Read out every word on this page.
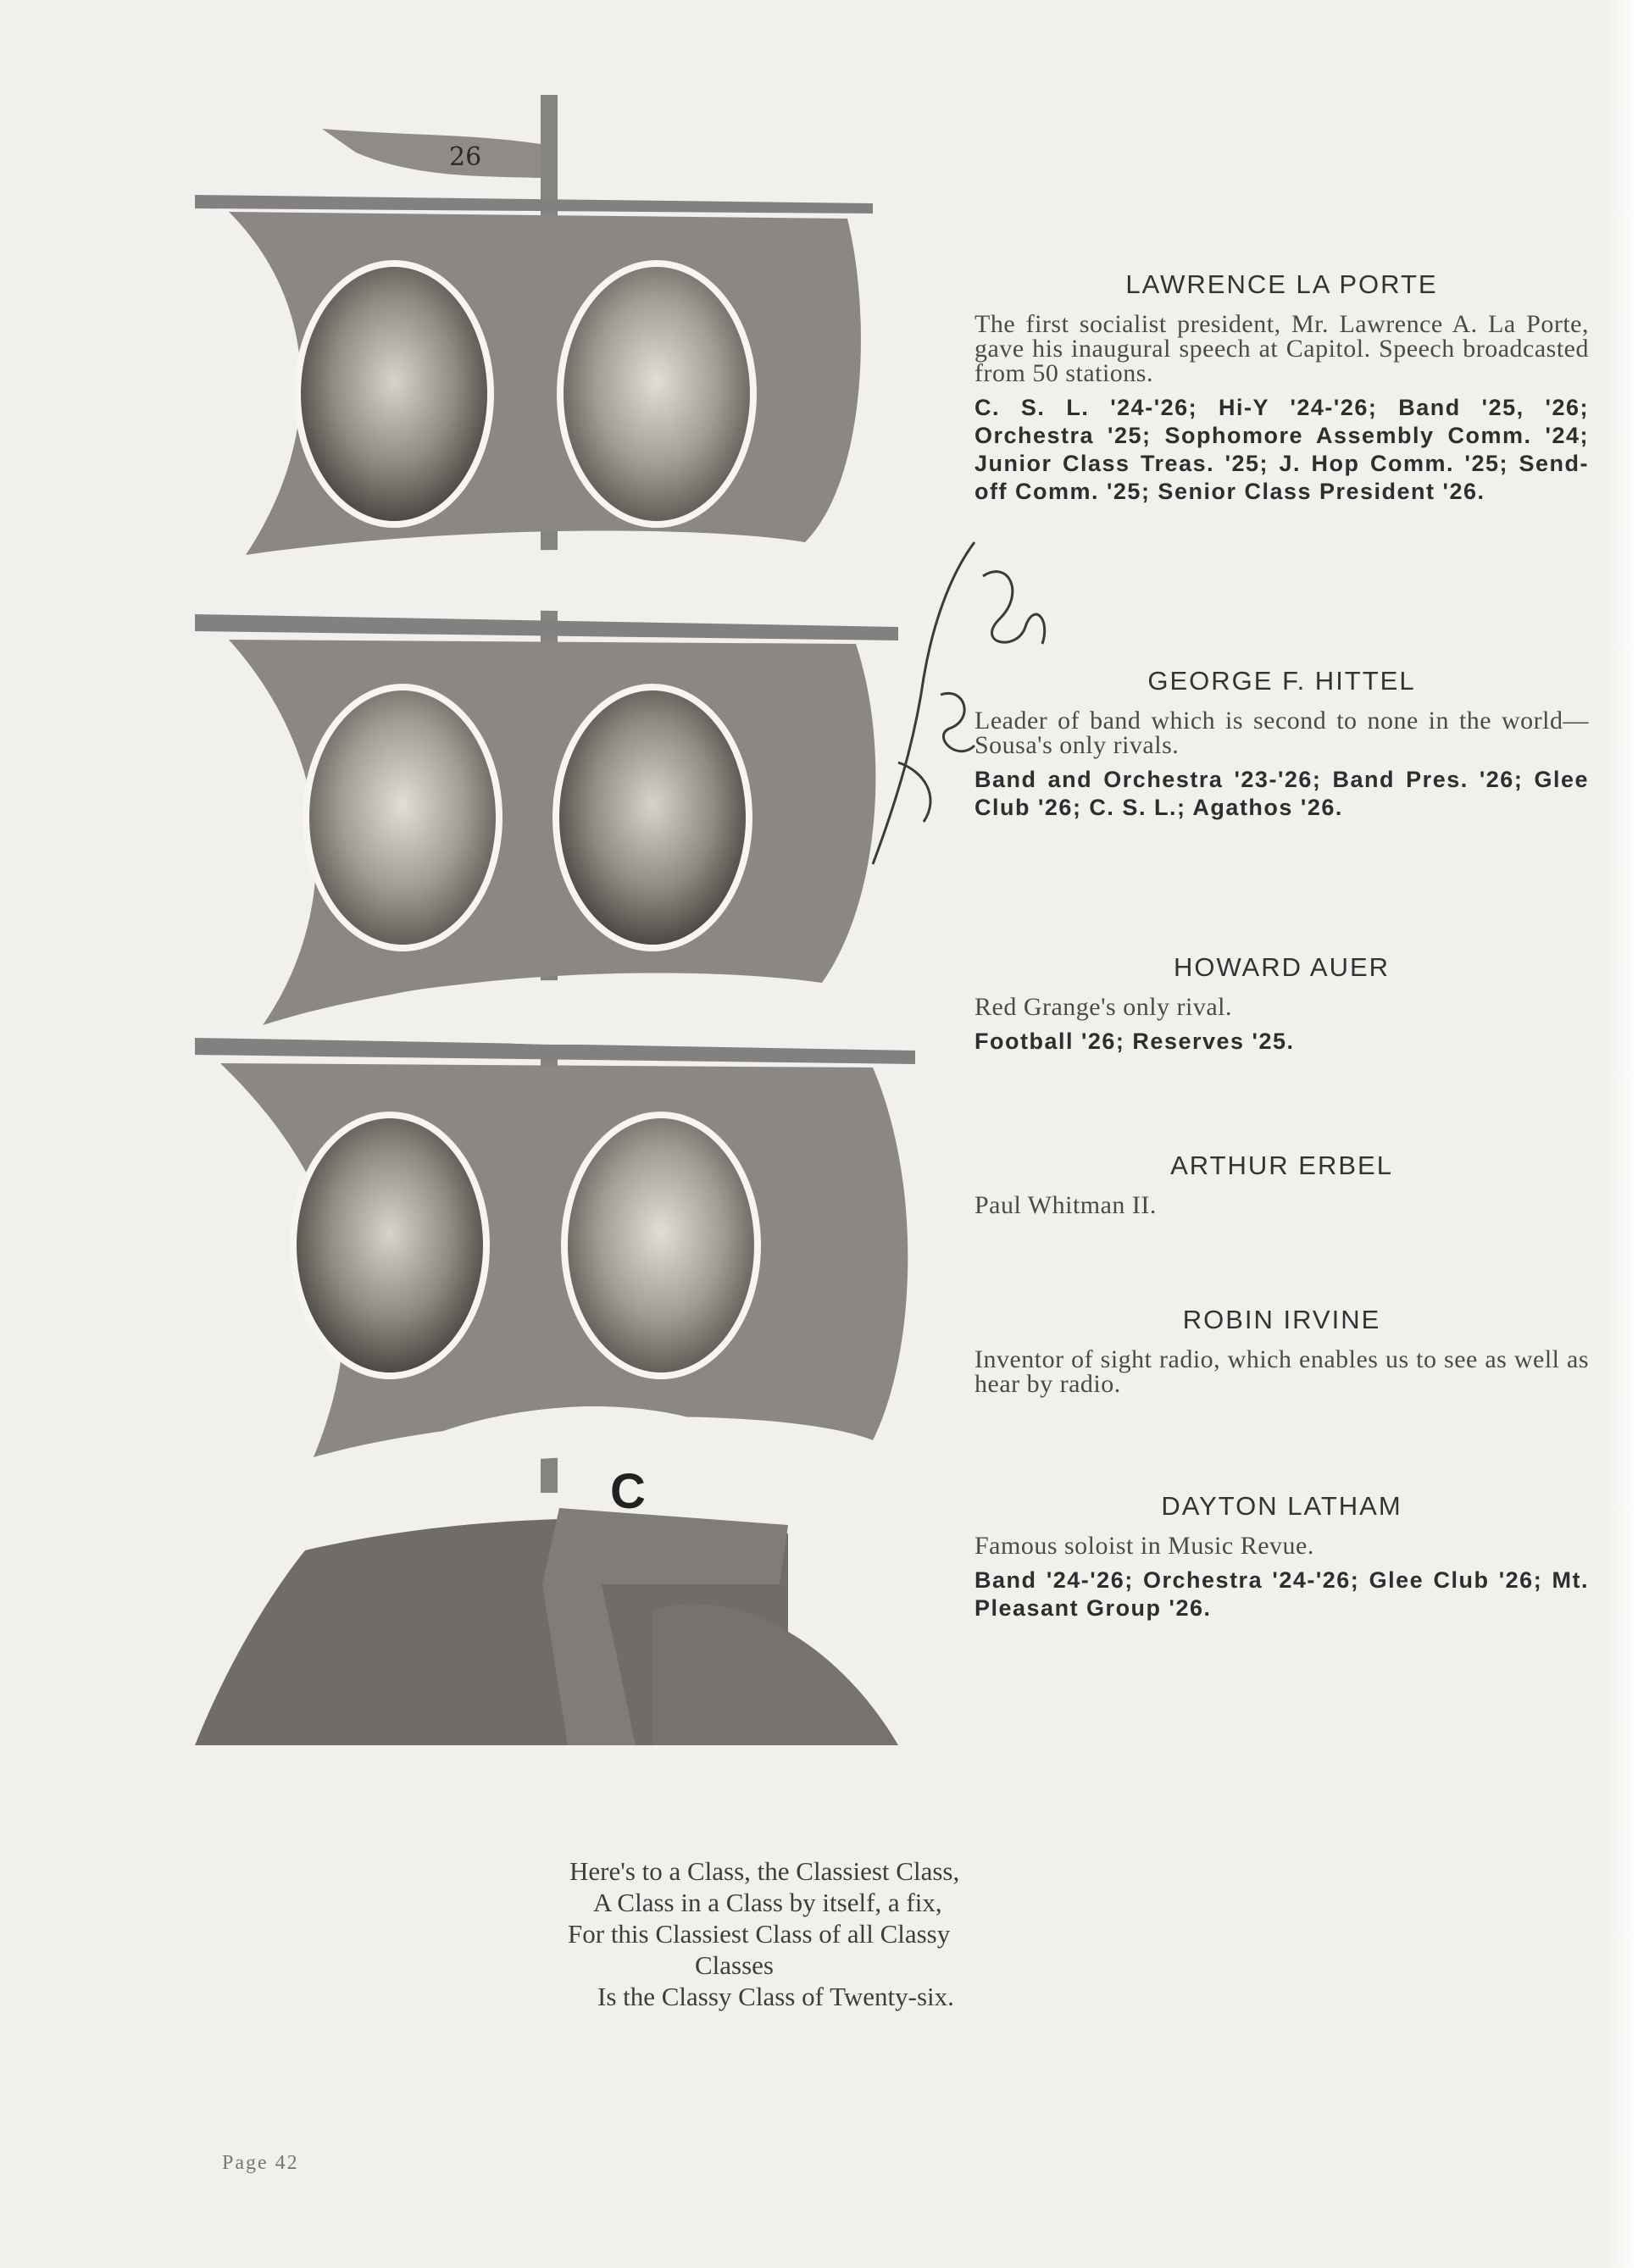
26
C
LAWRENCE LA PORTE
The first socialist president, Mr. Lawrence A. La Porte, gave his inaugural speech at Capitol. Speech broadcasted from 50 stations.
C. S. L. '24-'26; Hi-Y '24-'26; Band '25, '26; Orchestra '25; Sophomore Assembly Comm. '24; Junior Class Treas. '25; J. Hop Comm. '25; Send-off Comm. '25; Senior Class President '26.
GEORGE F. HITTEL
Leader of band which is second to none in the world—Sousa's only rivals.
Band and Orchestra '23-'26; Band Pres. '26; Glee Club '26; C. S. L.; Agathos '26.
HOWARD AUER
Red Grange's only rival.
Football '26; Reserves '25.
ARTHUR ERBEL
Paul Whitman II.
ROBIN IRVINE
Inventor of sight radio, which enables us to see as well as hear by radio.
DAYTON LATHAM
Famous soloist in Music Revue.
Band '24-'26; Orchestra '24-'26; Glee Club '26; Mt. Pleasant Group '26.
Here's to a Class, the Classiest Class,
A Class in a Class by itself, a fix,
For this Classiest Class of all Classy
Classes
Is the Classy Class of Twenty-six.
Page 42
